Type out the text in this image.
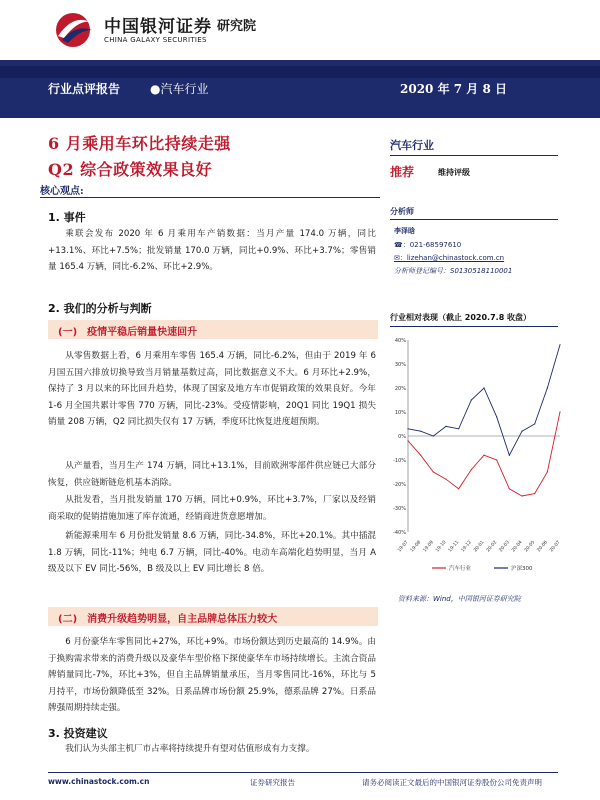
中国银河证券
CHINA GALAXY SECURITIES
研究院
行业点评报告 ●汽车行业	2020 年 7 月 8 日
6 月乘用车环比持续走强
Q2 综合政策效果良好
核心观点:
1. 事件
乘联会发布 2020 年 6 月乘用车产销数据：当月产量 174.0 万辆，同比+13.1%、环比+7.5%；批发销量 170.0 万辆，同比+0.9%、环比+3.7%；零售销量 165.4 万辆，同比-6.2%、环比+2.9%。
2. 我们的分析与判断
(一)　疫情平稳后销量快速回升
从零售数据上看，6 月乘用车零售 165.4 万辆，同比-6.2%，但由于 2019 年 6 月国五国六排放切换导致当月销量基数过高，同比数据意义不大。6 月环比+2.9%，保持了 3 月以来的环比回升趋势，体现了国家及地方车市促销政策的效果良好。今年 1-6 月全国共累计零售 770 万辆，同比-23%。受疫情影响，20Q1 同比 19Q1 损失销量 208 万辆，Q2 同比损失仅有 17 万辆，季度环比恢复进度超预期。
从产量看，当月生产 174 万辆，同比+13.1%，目前欧洲零部件供应链已大部分恢复，供应链断链危机基本消除。
从批发看，当月批发销量 170 万辆，同比+0.9%，环比+3.7%，厂家以及经销商采取的促销措施加速了库存流通，经销商进货意愿增加。
新能源乘用车 6 月份批发销量 8.6 万辆，同比-34.8%，环比+20.1%。其中插混 1.8 万辆，同比-11%；纯电 6.7 万辆，同比-40%。电动车高端化趋势明显，当月 A 级及以下 EV 同比-56%，B 级及以上 EV 同比增长 8 倍。
(二)　消费升级趋势明显，自主品牌总体压力较大
6 月份豪华车零售同比+27%，环比+9%。市场份额达到历史最高的 14.9%。由于换购需求带来的消费升级以及豪华车型价格下探使豪华车市场持续增长。主流合资品牌销量同比-7%，环比+3%，但自主品牌销量承压，当月零售同比-16%，环比与 5 月持平，市场份额降低至 32%。日系品牌市场份额 25.9%，德系品牌 27%。日系品牌强周期持续走强。
3. 投资建议
我们认为头部主机厂市占率将持续提升有望对估值形成有力支撑。
汽车行业
推荐	维持评级
分析师
李泽晗
☎：021-68597610
✉：lizehan@chinastock.com.cn
分析师登记编号：S0130518110001
行业相对表现（截止 2020.7.8 收盘）
40%
30%
20%
10%
0%
-10%
-20%
-30%
-40%
19-07 19-08 19-09 19-10 19-11 19-12 20-01 20-02 20-03 20-04 20-05 20-06 20-07
汽车行业	沪深300
资料来源：Wind，中国银河证券研究院
www.chinastock.com.cn	证券研究报告	请务必阅读正文最后的中国银河证券股份公司免责声明
